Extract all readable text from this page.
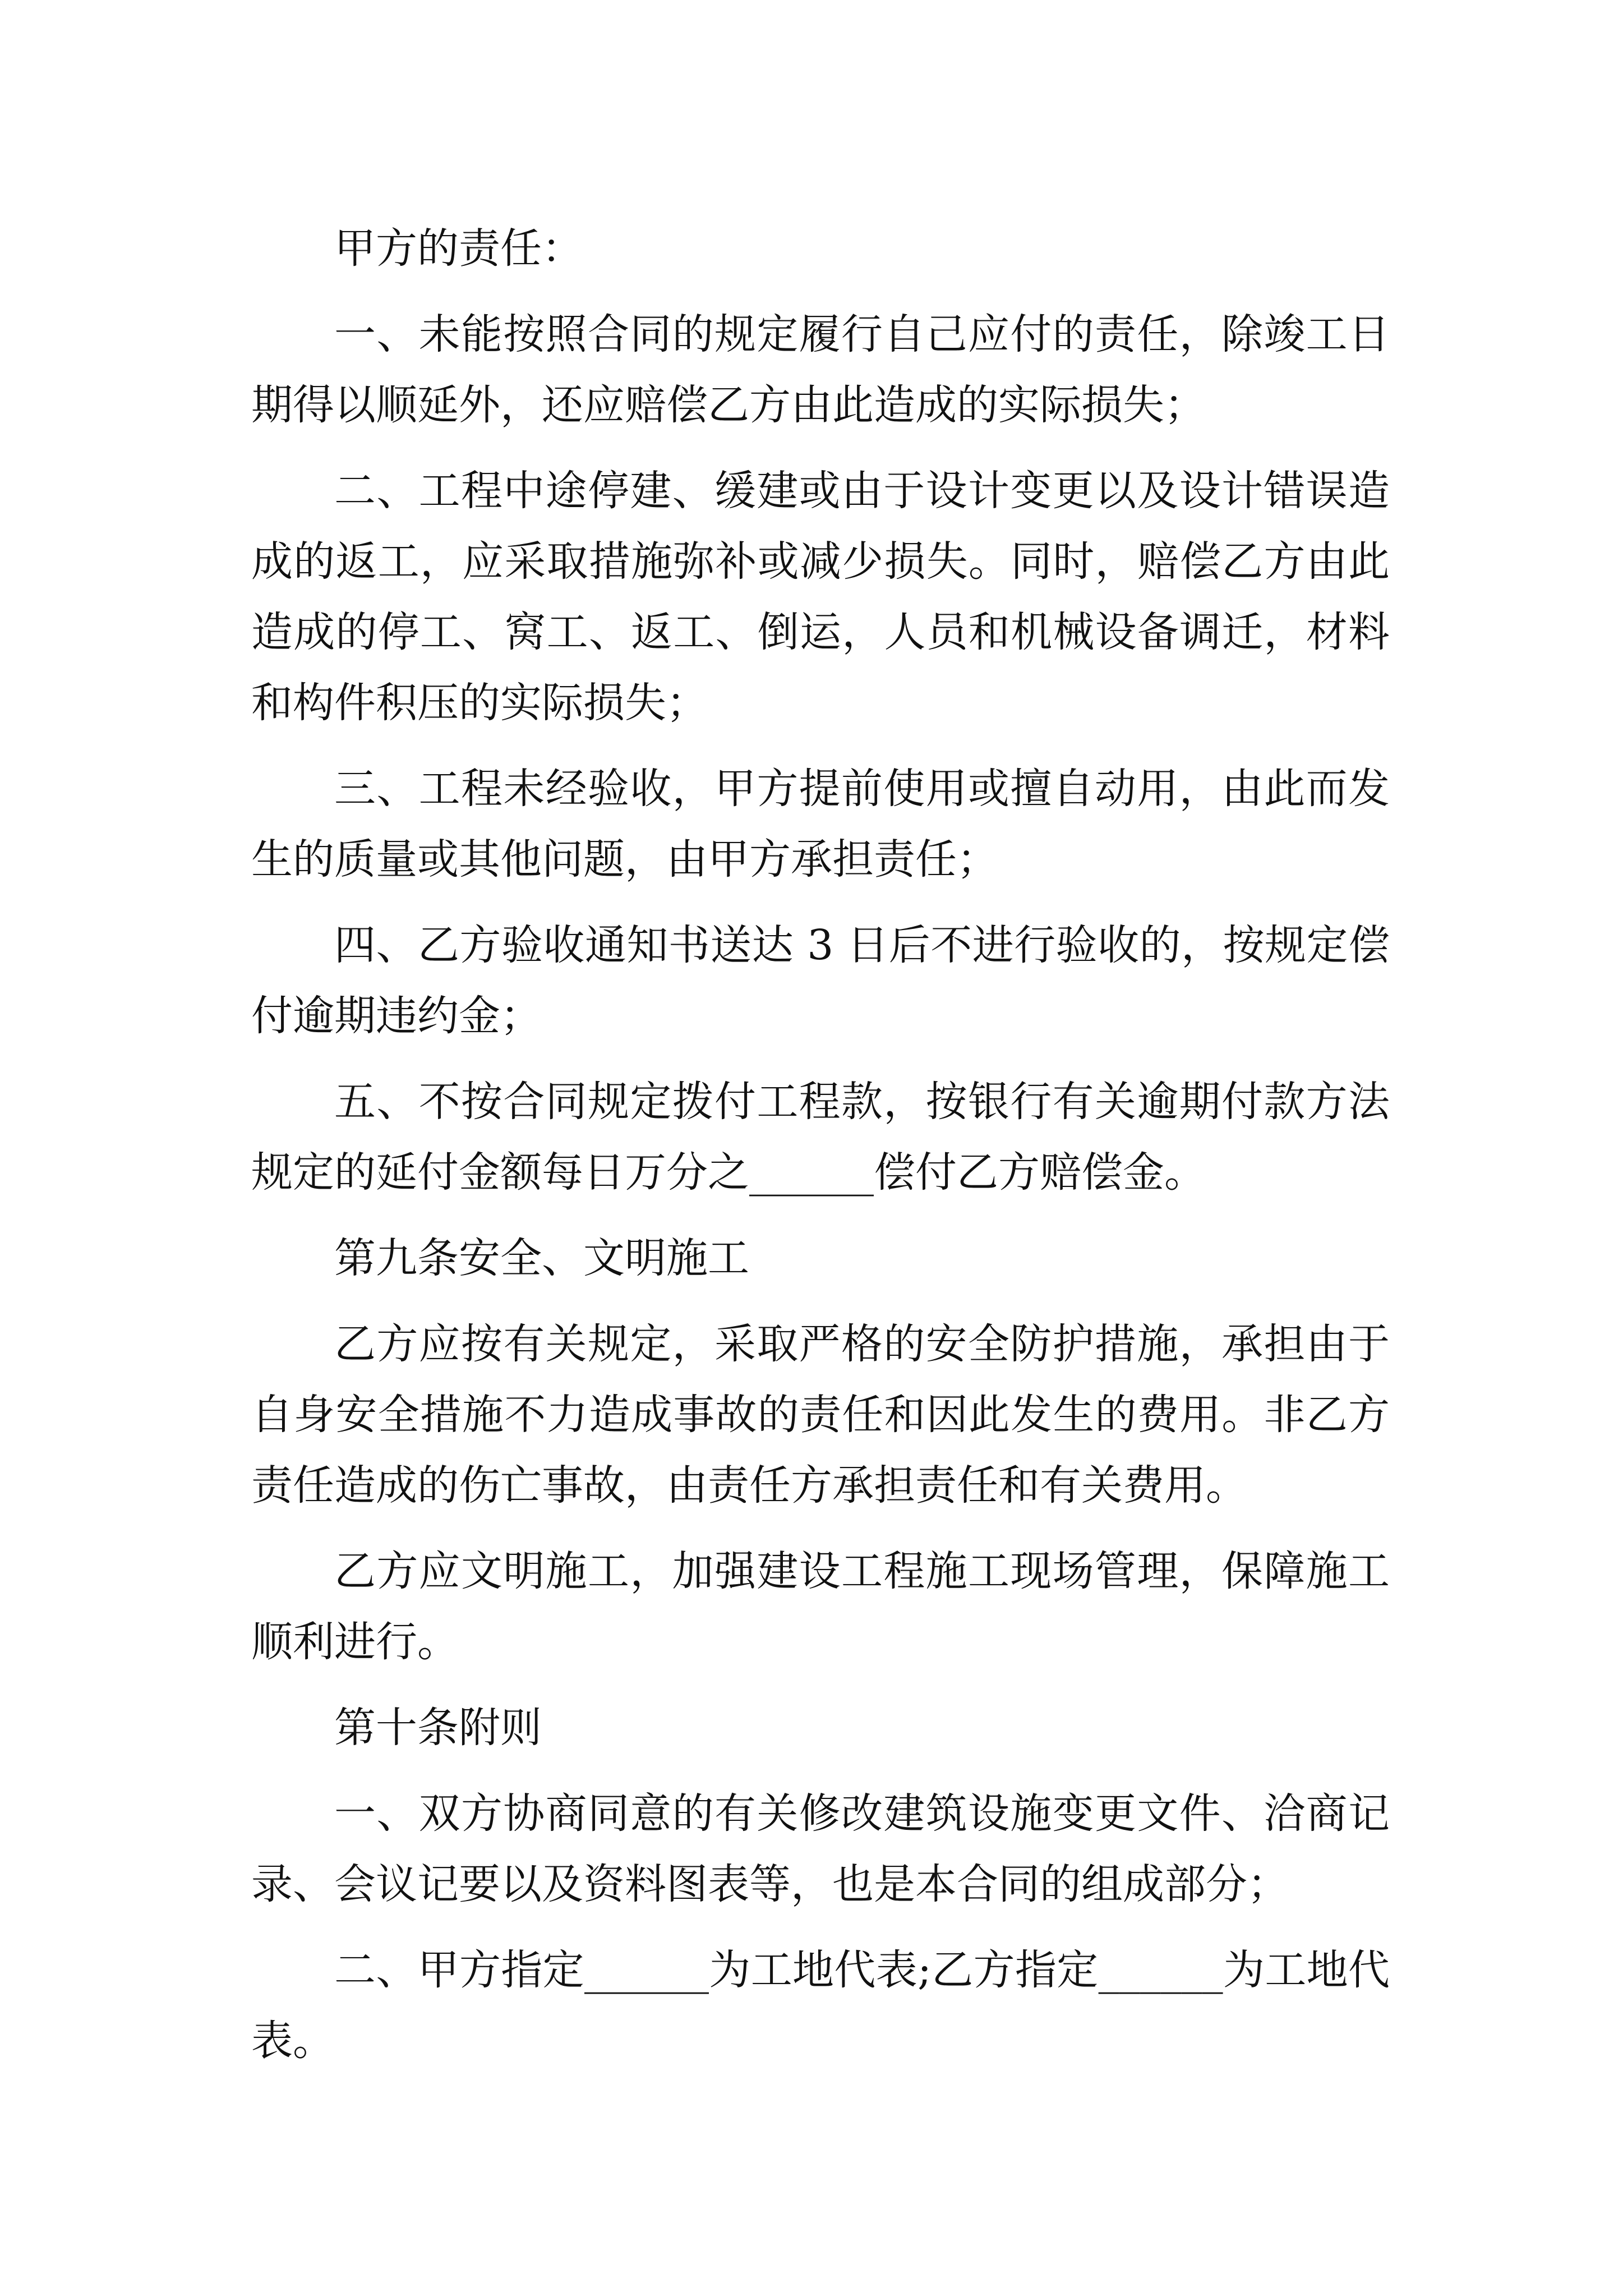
甲方的责任：

一、未能按照合同的规定履行自己应付的责任，除竣工日期得以顺延外，还应赔偿乙方由此造成的实际损失；

二、工程中途停建、缓建或由于设计变更以及设计错误造成的返工，应采取措施弥补或减少损失。同时，赔偿乙方由此造成的停工、窝工、返工、倒运，人员和机械设备调迁，材料和构件积压的实际损失；

三、工程未经验收，甲方提前使用或擅自动用，由此而发生的质量或其他问题，由甲方承担责任；

四、乙方验收通知书送达 3 日后不进行验收的，按规定偿付逾期违约金；

五、不按合同规定拨付工程款，按银行有关逾期付款方法规定的延付金额每日万分之______偿付乙方赔偿金。

第九条安全、文明施工

乙方应按有关规定，采取严格的安全防护措施，承担由于自身安全措施不力造成事故的责任和因此发生的费用。非乙方责任造成的伤亡事故，由责任方承担责任和有关费用。

乙方应文明施工，加强建设工程施工现场管理，保障施工顺利进行。

第十条附则

一、双方协商同意的有关修改建筑设施变更文件、洽商记录、会议记要以及资料图表等，也是本合同的组成部分；

二、甲方指定______为工地代表;乙方指定______为工地代表。
